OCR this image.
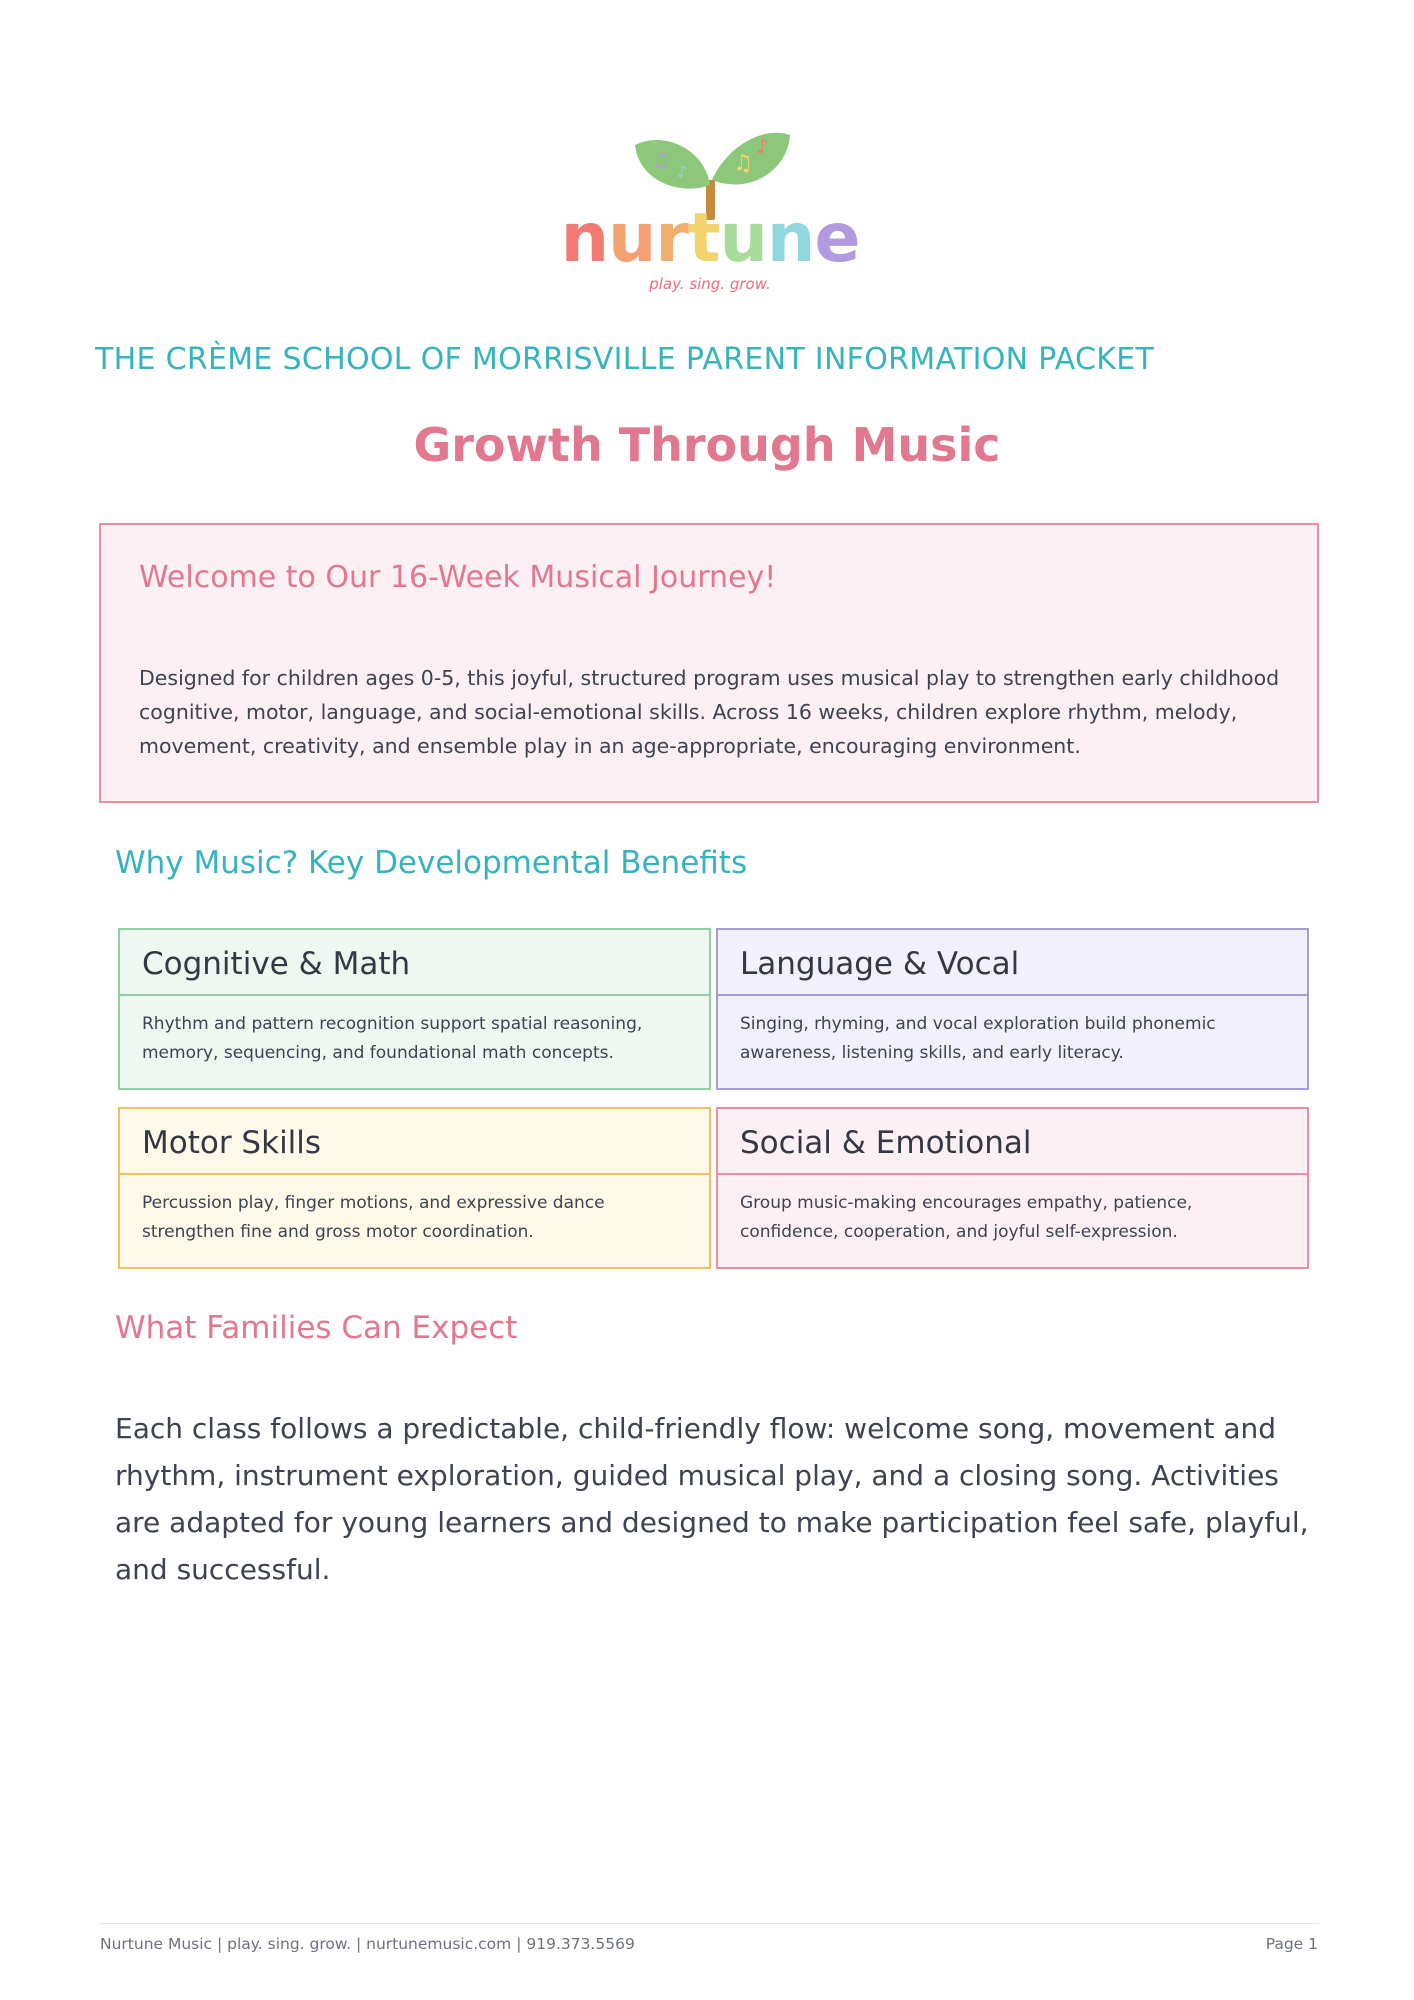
♫ ♪ ♫
♪
nurtune
play. sing. grow.
THE CRÈME SCHOOL OF MORRISVILLE PARENT INFORMATION PACKET
Growth Through Music
Welcome to Our 16-Week Musical Journey!
Designed for children ages 0-5, this joyful, structured program uses musical play to strengthen early childhood cognitive, motor, language, and social-emotional skills. Across 16 weeks, children explore rhythm, melody, movement, creativity, and ensemble play in an age-appropriate, encouraging environment.
Why Music? Key Developmental Benefits
Cognitive & Math
Rhythm and pattern recognition support spatial reasoning, memory, sequencing, and foundational math concepts.
Language & Vocal
Singing, rhyming, and vocal exploration build phonemic awareness, listening skills, and early literacy.
Motor Skills
Percussion play, finger motions, and expressive dance strengthen fine and gross motor coordination.
Social & Emotional
Group music-making encourages empathy, patience, confidence, cooperation, and joyful self-expression.
What Families Can Expect
Each class follows a predictable, child-friendly flow: welcome song, movement and rhythm, instrument exploration, guided musical play, and a closing song. Activities are adapted for young learners and designed to make participation feel safe, playful, and successful.
Nurtune Music | play. sing. grow. | nurtunemusic.com | 919.373.5569	Page 1
